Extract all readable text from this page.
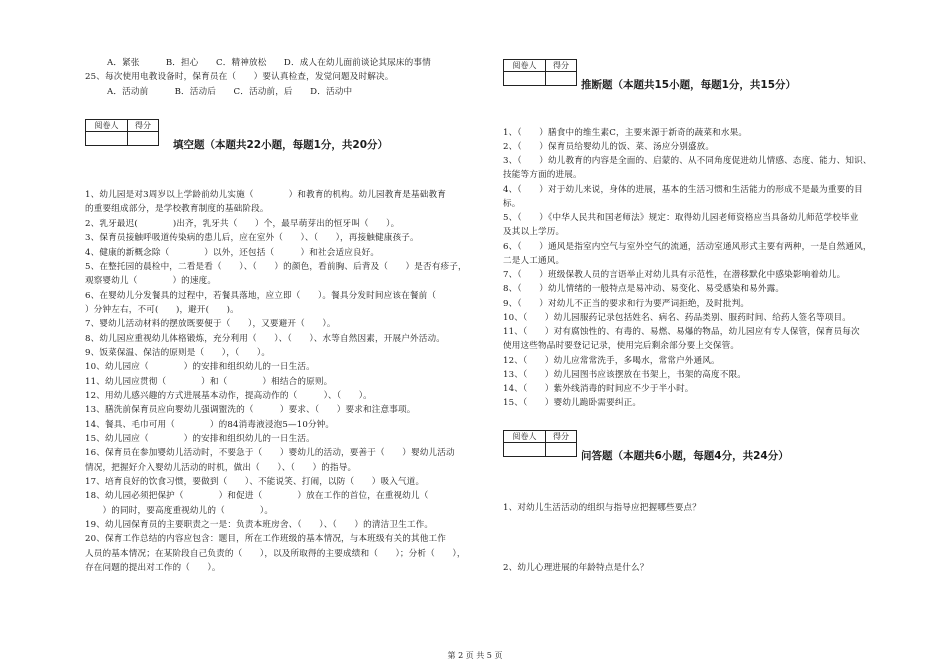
A．紧张　　　B．担心　　C．精神放松　　D．成人在幼儿面前谈论其尿床的事情
25、每次使用电教设备时，保育员在（　　）要认真检查，发觉问题及时解决。
A．活动前　　　B．活动后　　C．活动前，后　　D．活动中
阅卷人	得分

填空题（本题共22小题，每题1分，共20分）
1、幼儿园是对3周岁以上学龄前幼儿实施（　　　　）和教育的机构。幼儿园教育是基础教育
的重要组成部分，是学校教育制度的基础阶段。
2、乳牙最迟(　　　　)出齐，乳牙共（　　）个，最早萌芽出的恒牙叫（　　）。
3、保育员接触呼吸道传染病的患儿后，应在室外（　　）、（　　），再接触健康孩子。
4、健康的新概念除（　　　　）以外，还包括（　　　）和社会适应良好。
5、在整托园的晨检中，二看是看（　　）、（　　）的颜色，看前胸、后背及（　　）是否有疹子，
观察婴幼儿（　　　　）的速度。
6、在婴幼儿分发餐具的过程中，若餐具落地，应立即（　　）。餐具分发时间应该在餐前（　　
）分钟左右，不可(　　)，避开(　　)。
7、婴幼儿活动材料的摆放既要便于（　　），又要避开（　　）。
8、幼儿园应重视幼儿体格锻炼，充分利用（　　）、（　　）、水等自然因素，开展户外活动。
9、饭菜保温、保洁的原则是（　　），（　　）。
10、幼儿园应（　　　　）的安排和组织幼儿的一日生活。
11、幼儿园应贯彻（　　　　）和（　　　　）相结合的原则。
12、用幼儿感兴趣的方式进展基本动作，提高动作的（　　　）、（　　）。
13、膳洗前保育员应向婴幼儿强调盥洗的（　　　）要求、（　　）要求和注意事项。
14、餐具、毛巾可用（　　　　）的84消毒液浸泡5—10分钟。
15、幼儿园应（　　　　）的安排和组织幼儿的一日生活。
16、保育员在参加婴幼儿活动时，不要急于（　　）婴幼儿的活动，要善于（　　）婴幼儿活动
情况，把握好介入婴幼儿活动的时机，做出（　　）、（　　）的指导。
17、培育良好的饮食习惯，要做到（　　）、不能说笑、打闹，以防（　　）吸入气道。
18、幼儿园必须把保护（　　　　）和促进（　　　　）放在工作的首位，在重视幼儿（　　
　　）的同时，要高度重视幼儿的（　　　　）。
19、幼儿园保育员的主要职责之一是：负责本班房舍、（　　）、（　　）的清洁卫生工作。
20、保育工作总结的内容应包含：题目，所在工作班级的基本情况，与本班级有关的其他工作
人员的基本情况；在某阶段自己负责的（　　），以及所取得的主要成绩和（　　）；分析（　　），
存在问题的提出对工作的（　　）。
阅卷人	得分

推断题（本题共15小题，每题1分，共15分）
1、（　　）膳食中的维生素C，主要来源于新奇的蔬菜和水果。
2、（　　）保育员给婴幼儿的饭、菜、汤应分别盛放。
3、（　　）幼儿教育的内容是全面的、启蒙的、从不同角度促进幼儿情感、态度、能力、知识、
技能等方面的进展。
4、（　　）对于幼儿来说，身体的进展，基本的生活习惯和生活能力的形成不是最为重要的目
标。
5、（　　）《中华人民共和国老师法》规定：取得幼儿园老师资格应当具备幼儿师范学校毕业
及其以上学历。
6、（　　）通风是指室内空气与室外空气的流通，活动室通风形式主要有两种，一是自然通风，
二是人工通风。
7、（　　）班级保教人员的言语举止对幼儿具有示范性，在潜移默化中感染影响着幼儿。
8、（　　）幼儿情绪的一般特点是易冲动、易变化、易受感染和易外露。
9、（　　）对幼儿不正当的要求和行为要严词拒绝，及时批判。
10、（　　）幼儿园服药记录包括姓名、病名、药品类别、服药时间、给药人签名等项目。
11、（　　）对有腐蚀性的、有毒的、易燃、易爆的物品，幼儿园应有专人保管，保育员每次
使用这些物品时要登记记录，使用完后剩余部分要上交保管。
12、（　　）幼儿应常常洗手，多喝水，常常户外通风。
13、（　　）幼儿园图书应该摆放在书架上，书架的高度不限。
14、（　　）紫外线消毒的时间应不少于半小时。
15、（　　）婴幼儿跪卧需要纠正。
阅卷人	得分

问答题（本题共6小题，每题4分，共24分）
1、对幼儿生活活动的组织与指导应把握哪些要点？
2、幼儿心理进展的年龄特点是什么？
第 2 页 共 5 页
